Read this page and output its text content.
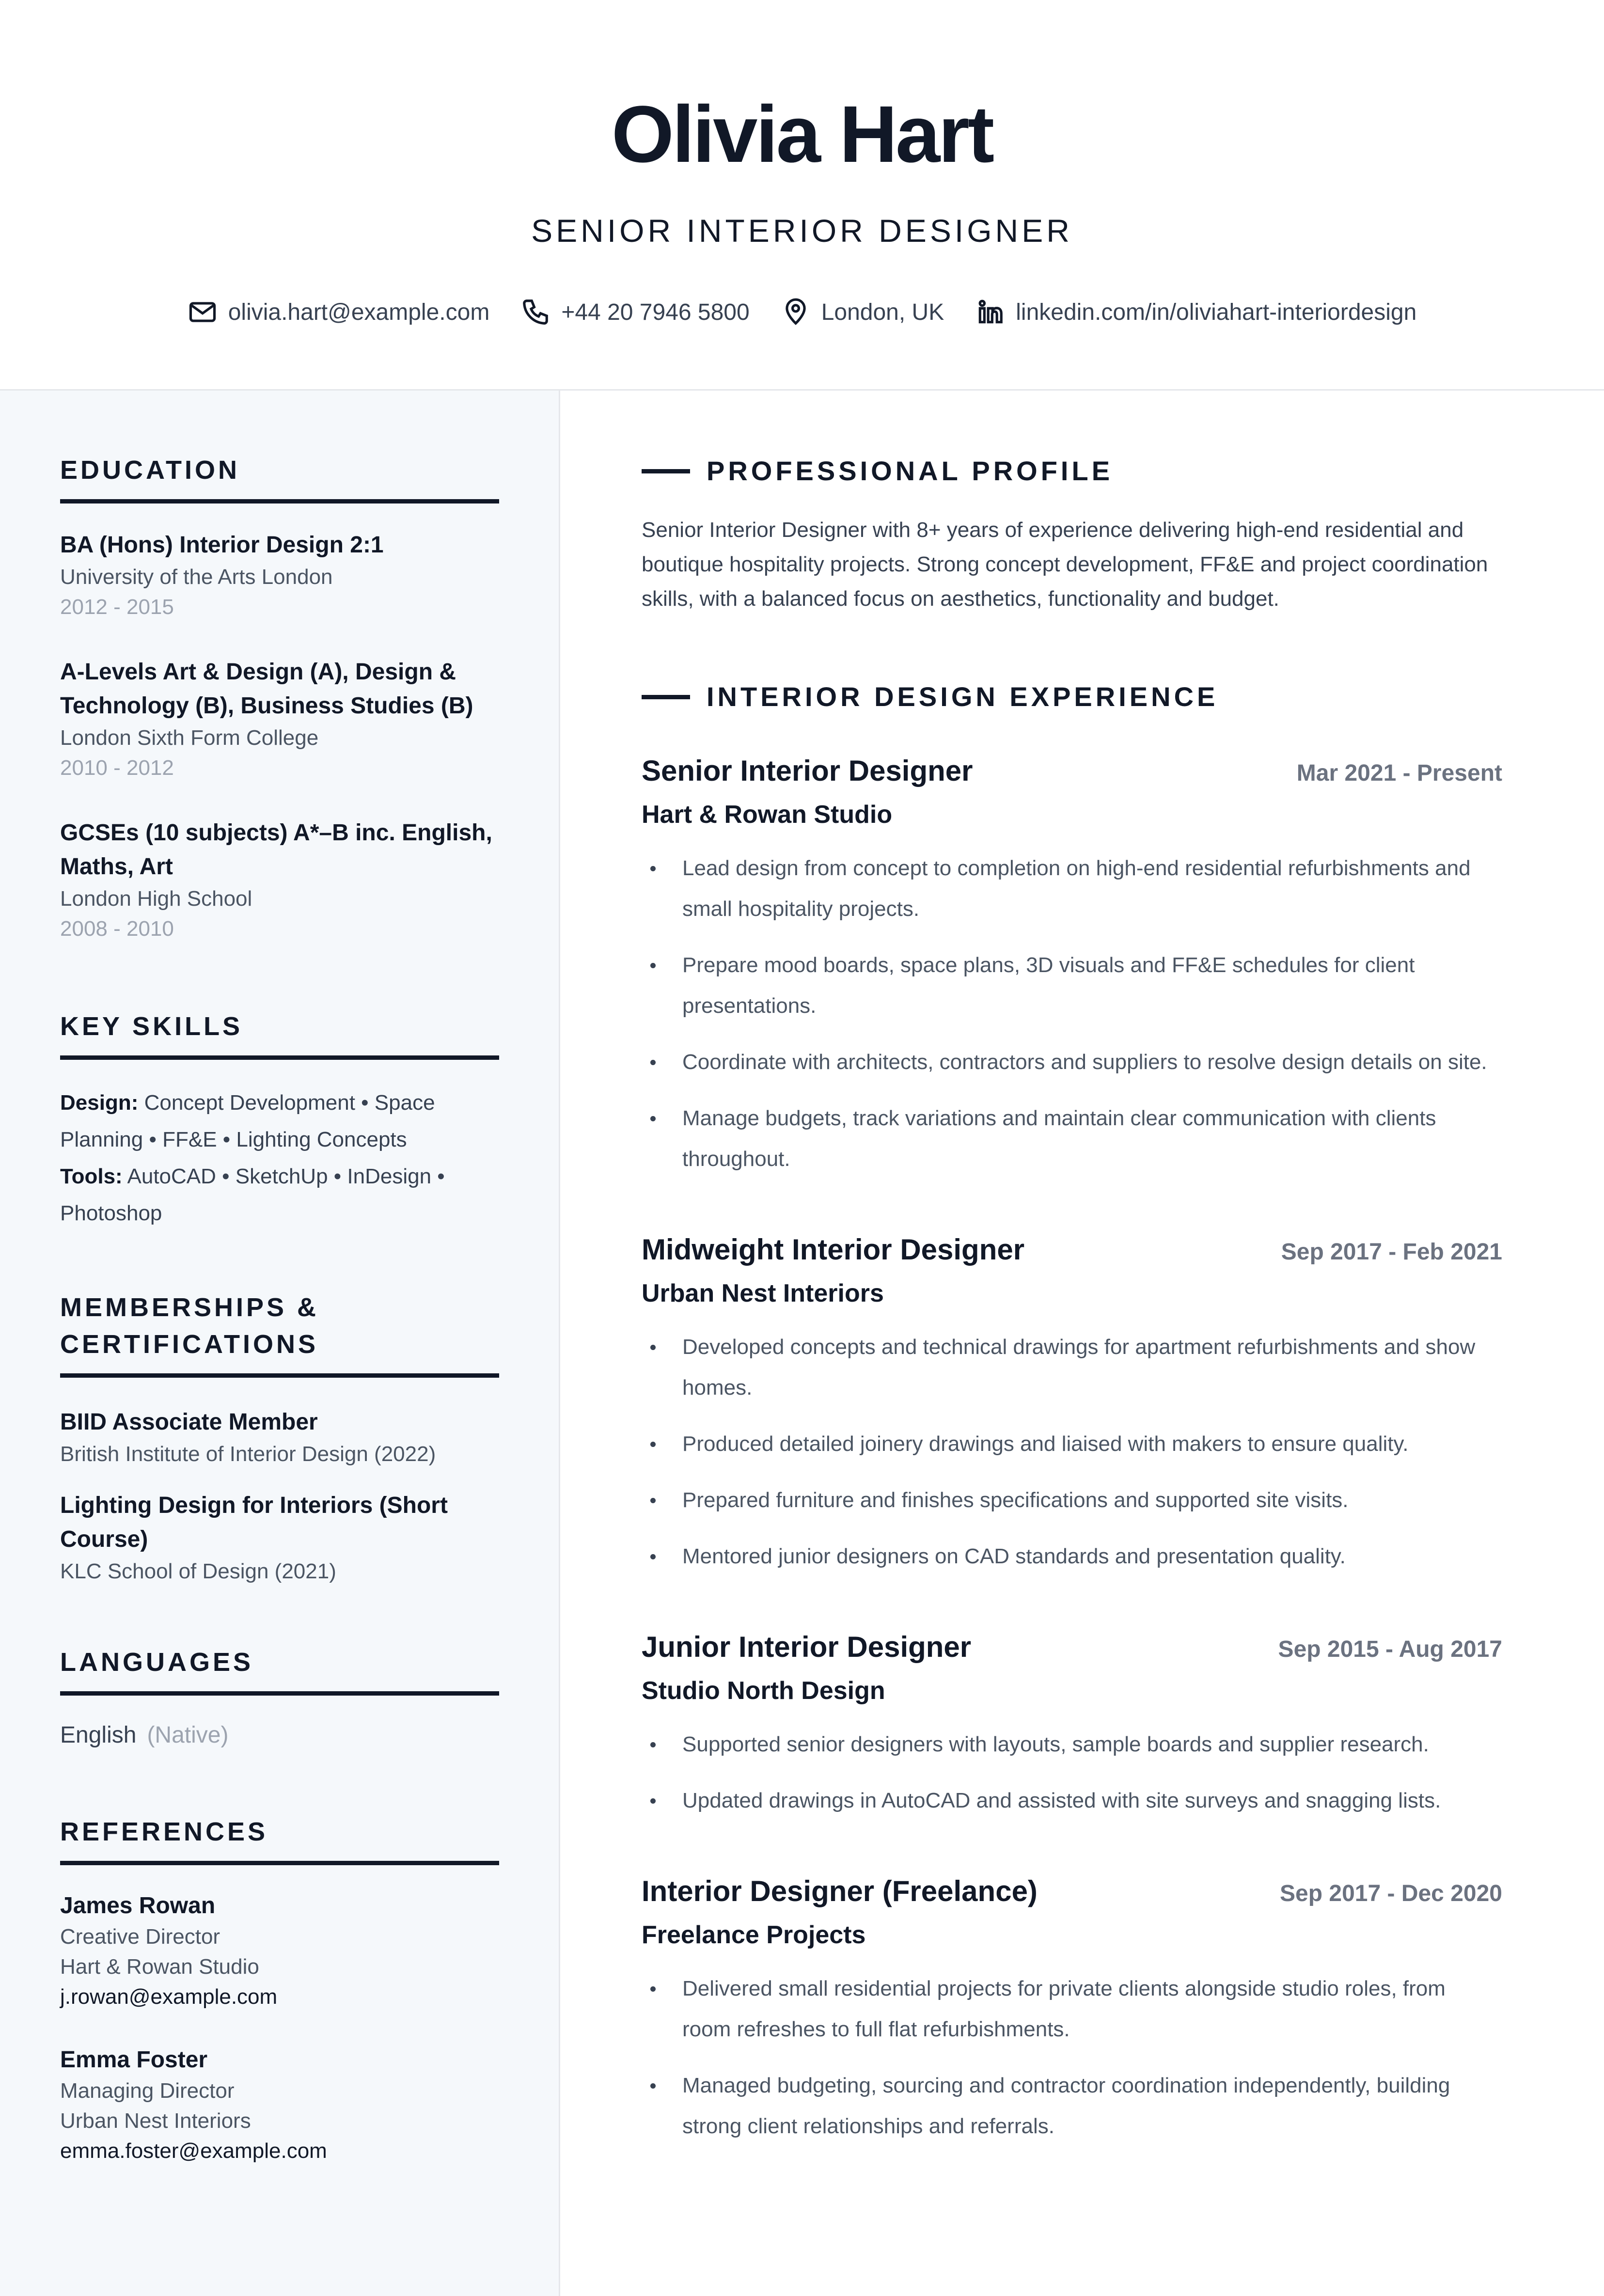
Olivia Hart
SENIOR INTERIOR DESIGNER
olivia.hart@example.com	+44 20 7946 5800	London, UK	linkedin.com/in/oliviahart-interiordesign
EDUCATION
BA (Hons) Interior Design 2:1
University of the Arts London
2012 - 2015
A-Levels Art & Design (A), Design &
Technology (B), Business Studies (B)
London Sixth Form College
2010 - 2012
GCSEs (10 subjects) A*–B inc. English,
Maths, Art
London High School
2008 - 2010
KEY SKILLS
Design: Concept Development • Space
Planning • FF&E • Lighting Concepts
Tools: AutoCAD • SketchUp • InDesign •
Photoshop
MEMBERSHIPS &
CERTIFICATIONS
BIID Associate Member
British Institute of Interior Design (2022)
Lighting Design for Interiors (Short
Course)
KLC School of Design (2021)
LANGUAGES
English (Native)
REFERENCES
James Rowan
Creative Director
Hart & Rowan Studio
j.rowan@example.com
Emma Foster
Managing Director
Urban Nest Interiors
emma.foster@example.com
PROFESSIONAL PROFILE
Senior Interior Designer with 8+ years of experience delivering high-end residential and
boutique hospitality projects. Strong concept development, FF&E and project coordination
skills, with a balanced focus on aesthetics, functionality and budget.
INTERIOR DESIGN EXPERIENCE
Senior Interior Designer	Mar 2021 - Present
Hart & Rowan Studio
Lead design from concept to completion on high-end residential refurbishments and
small hospitality projects.
Prepare mood boards, space plans, 3D visuals and FF&E schedules for client
presentations.
Coordinate with architects, contractors and suppliers to resolve design details on site.
Manage budgets, track variations and maintain clear communication with clients
throughout.
Midweight Interior Designer	Sep 2017 - Feb 2021
Urban Nest Interiors
Developed concepts and technical drawings for apartment refurbishments and show
homes.
Produced detailed joinery drawings and liaised with makers to ensure quality.
Prepared furniture and finishes specifications and supported site visits.
Mentored junior designers on CAD standards and presentation quality.
Junior Interior Designer	Sep 2015 - Aug 2017
Studio North Design
Supported senior designers with layouts, sample boards and supplier research.
Updated drawings in AutoCAD and assisted with site surveys and snagging lists.
Interior Designer (Freelance)	Sep 2017 - Dec 2020
Freelance Projects
Delivered small residential projects for private clients alongside studio roles, from
room refreshes to full flat refurbishments.
Managed budgeting, sourcing and contractor coordination independently, building
strong client relationships and referrals.
